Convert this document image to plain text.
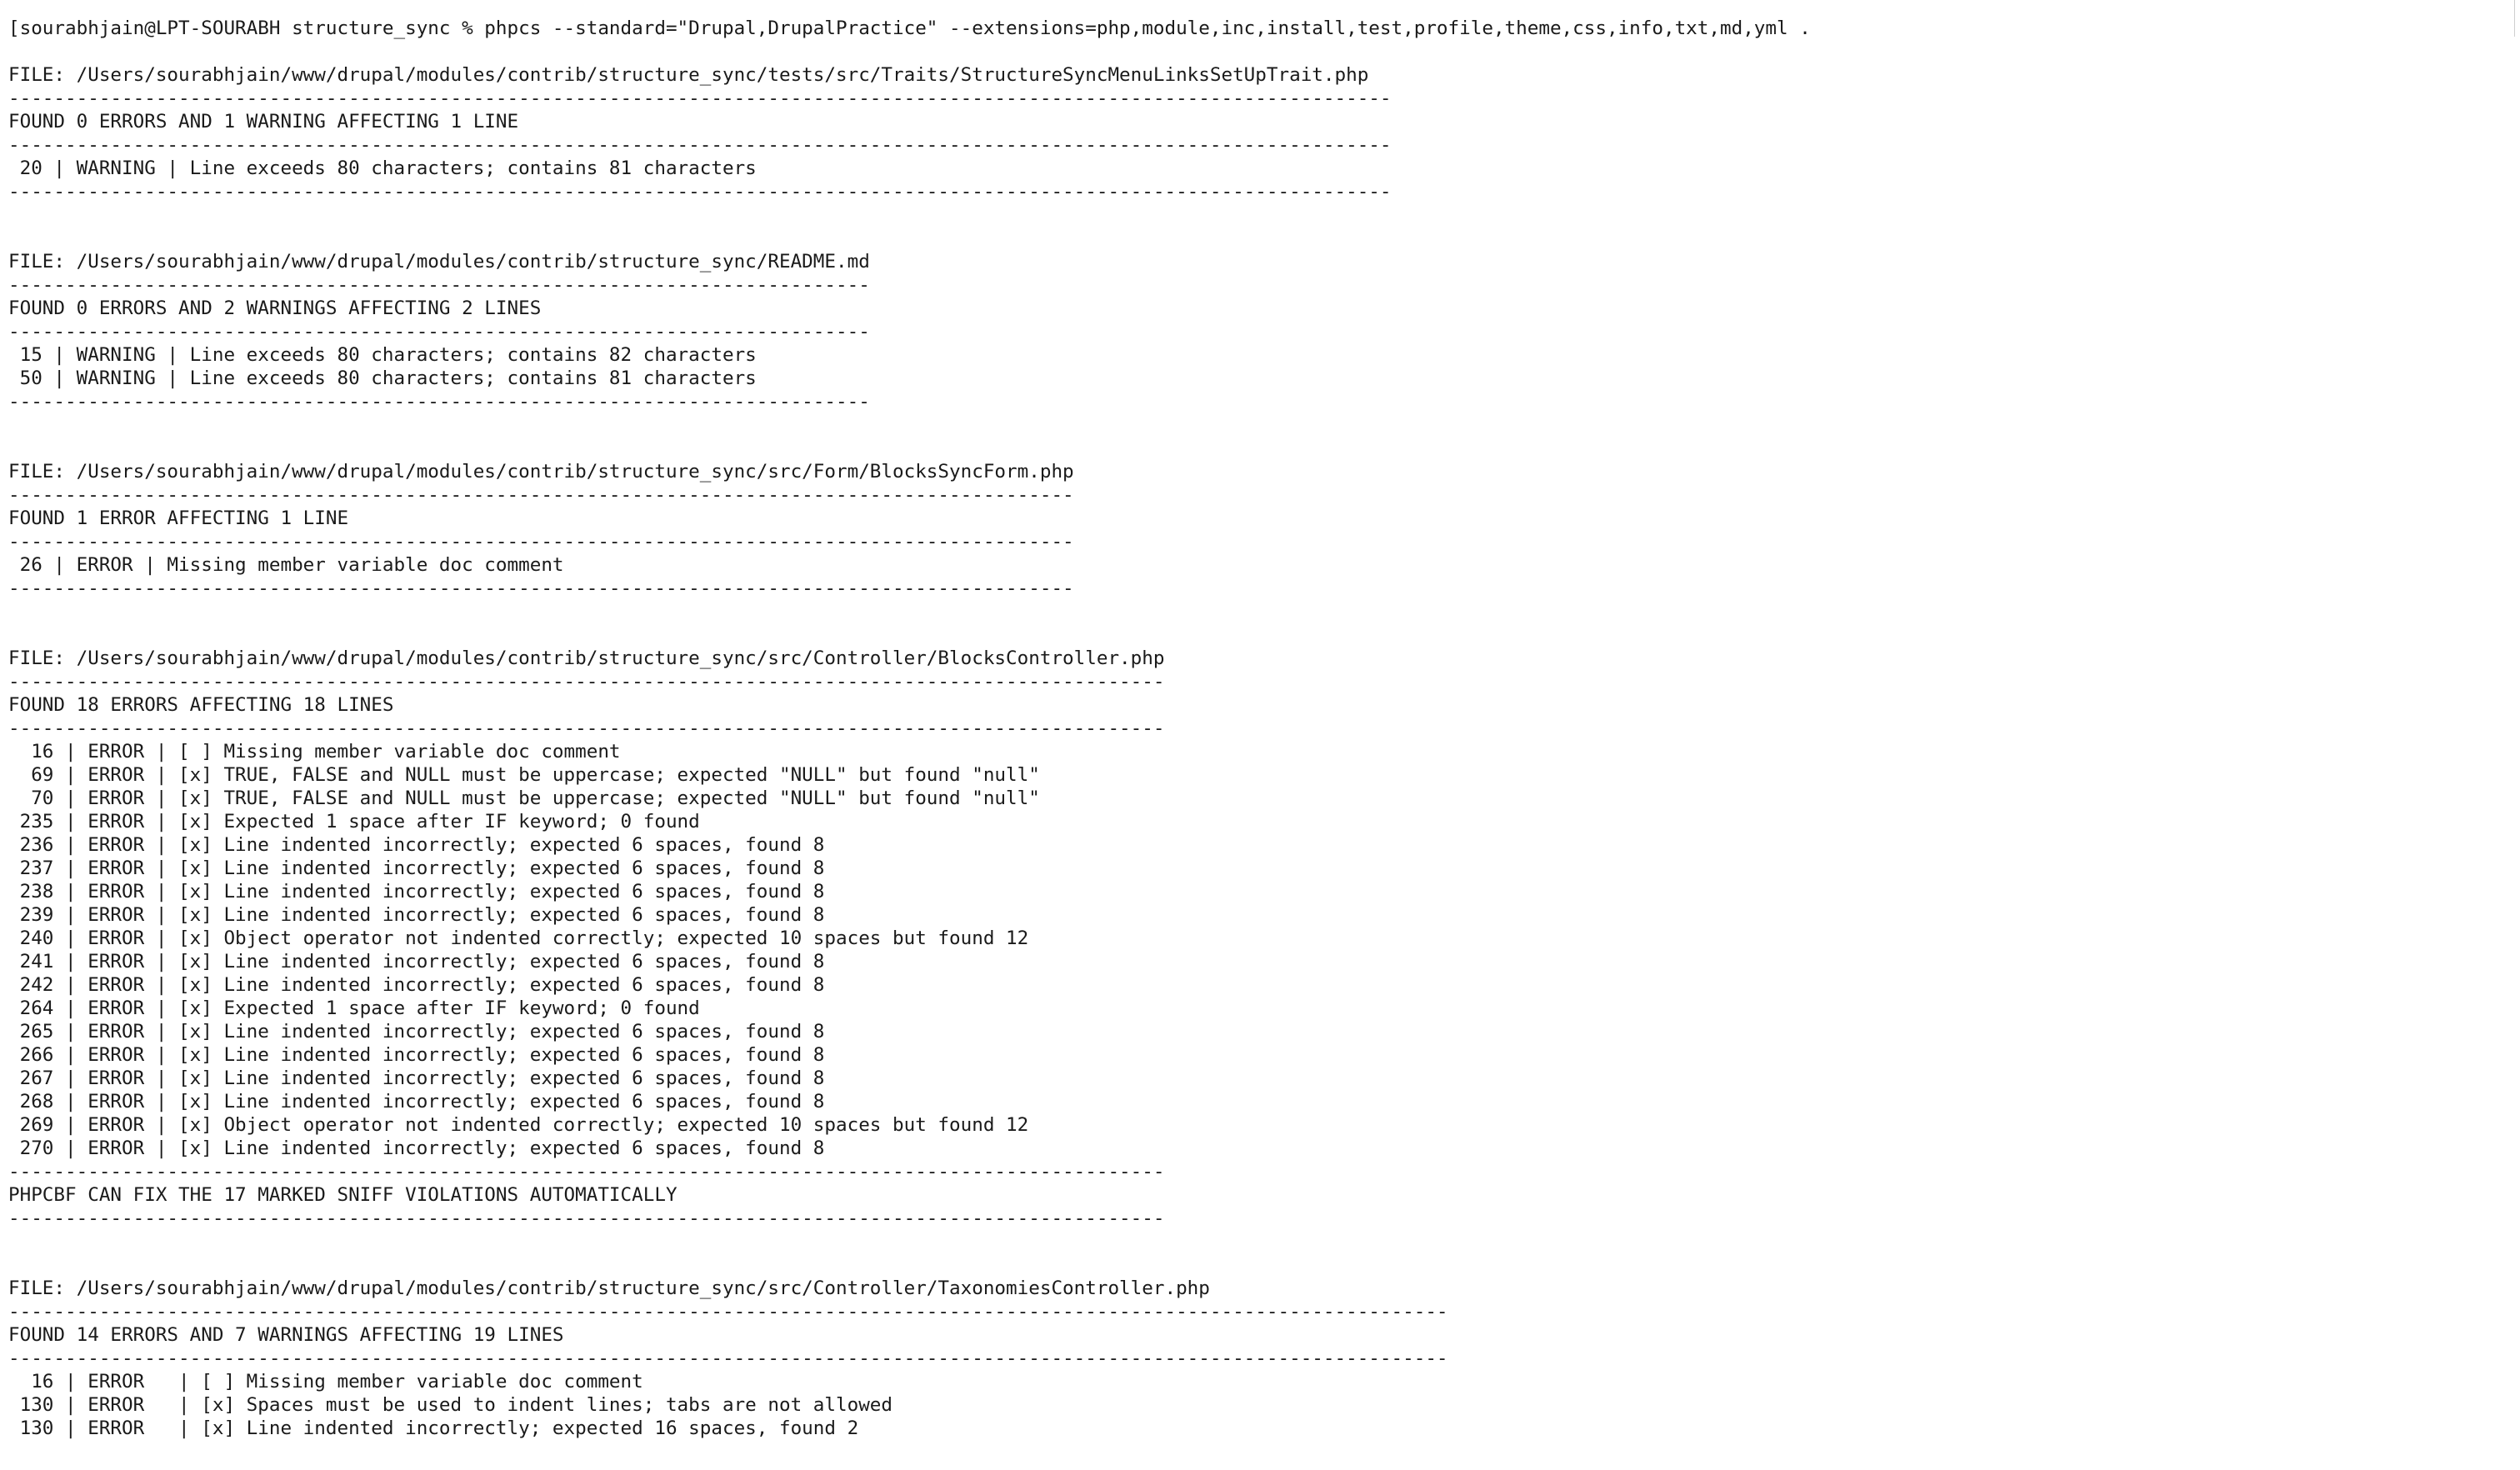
[sourabhjain@LPT-SOURABH structure_sync % phpcs --standard="Drupal,DrupalPractice" --extensions=php,module,inc,install,test,profile,theme,css,info,txt,md,yml .

FILE: /Users/sourabhjain/www/drupal/modules/contrib/structure_sync/tests/src/Traits/StructureSyncMenuLinksSetUpTrait.php
--------------------------------------------------------------------------------------------------------------------------
FOUND 0 ERRORS AND 1 WARNING AFFECTING 1 LINE
--------------------------------------------------------------------------------------------------------------------------
20 | WARNING | Line exceeds 80 characters; contains 81 characters
--------------------------------------------------------------------------------------------------------------------------

FILE: /Users/sourabhjain/www/drupal/modules/contrib/structure_sync/README.md
----------------------------------------------------------------------------
FOUND 0 ERRORS AND 2 WARNINGS AFFECTING 2 LINES
----------------------------------------------------------------------------
15 | WARNING | Line exceeds 80 characters; contains 82 characters
50 | WARNING | Line exceeds 80 characters; contains 81 characters
----------------------------------------------------------------------------

FILE: /Users/sourabhjain/www/drupal/modules/contrib/structure_sync/src/Form/BlocksSyncForm.php
----------------------------------------------------------------------------------------------
FOUND 1 ERROR AFFECTING 1 LINE
----------------------------------------------------------------------------------------------
26 | ERROR | Missing member variable doc comment
----------------------------------------------------------------------------------------------

FILE: /Users/sourabhjain/www/drupal/modules/contrib/structure_sync/src/Controller/BlocksController.php
------------------------------------------------------------------------------------------------------
FOUND 18 ERRORS AFFECTING 18 LINES
------------------------------------------------------------------------------------------------------
16 | ERROR | [ ] Missing member variable doc comment
69 | ERROR | [x] TRUE, FALSE and NULL must be uppercase; expected "NULL" but found "null"
70 | ERROR | [x] TRUE, FALSE and NULL must be uppercase; expected "NULL" but found "null"
235 | ERROR | [x] Expected 1 space after IF keyword; 0 found
236 | ERROR | [x] Line indented incorrectly; expected 6 spaces, found 8
237 | ERROR | [x] Line indented incorrectly; expected 6 spaces, found 8
238 | ERROR | [x] Line indented incorrectly; expected 6 spaces, found 8
239 | ERROR | [x] Line indented incorrectly; expected 6 spaces, found 8
240 | ERROR | [x] Object operator not indented correctly; expected 10 spaces but found 12
241 | ERROR | [x] Line indented incorrectly; expected 6 spaces, found 8
242 | ERROR | [x] Line indented incorrectly; expected 6 spaces, found 8
264 | ERROR | [x] Expected 1 space after IF keyword; 0 found
265 | ERROR | [x] Line indented incorrectly; expected 6 spaces, found 8
266 | ERROR | [x] Line indented incorrectly; expected 6 spaces, found 8
267 | ERROR | [x] Line indented incorrectly; expected 6 spaces, found 8
268 | ERROR | [x] Line indented incorrectly; expected 6 spaces, found 8
269 | ERROR | [x] Object operator not indented correctly; expected 10 spaces but found 12
270 | ERROR | [x] Line indented incorrectly; expected 6 spaces, found 8
------------------------------------------------------------------------------------------------------
PHPCBF CAN FIX THE 17 MARKED SNIFF VIOLATIONS AUTOMATICALLY
------------------------------------------------------------------------------------------------------

FILE: /Users/sourabhjain/www/drupal/modules/contrib/structure_sync/src/Controller/TaxonomiesController.php
-------------------------------------------------------------------------------------------------------------------------------
FOUND 14 ERRORS AND 7 WARNINGS AFFECTING 19 LINES
-------------------------------------------------------------------------------------------------------------------------------
16 | ERROR   | [ ] Missing member variable doc comment
130 | ERROR   | [x] Spaces must be used to indent lines; tabs are not allowed
130 | ERROR   | [x] Line indented incorrectly; expected 16 spaces, found 2
